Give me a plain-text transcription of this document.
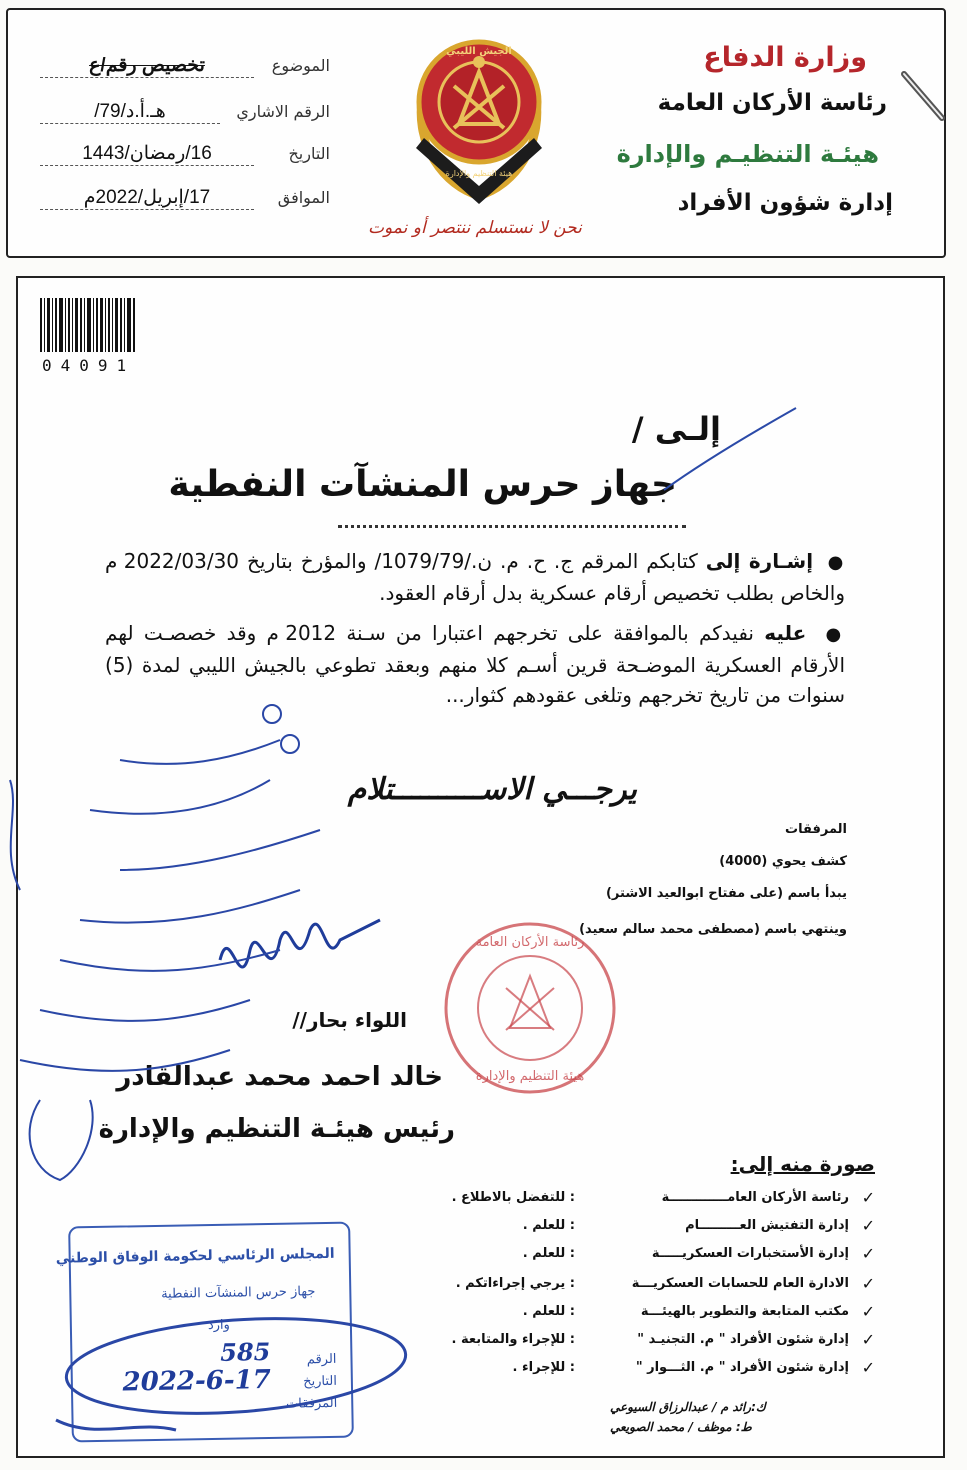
وزارة الدفاع
رئاسة الأركان العامة
هيئـة التنظيـم والإدارة
إدارة شؤون الأفراد
الجيش الليبي
هيئة التنظيم والإدارة
نحن لا نستسلم ننتصر أو نموت
الموضوع
تخصيص رقم/ع
الرقم الاشاري
هـ.أ.د/79/
التاريخ
16/رمضان/1443
الموافق
17/إبريل/2022م
04091
إلـى /
جهاز حرس المنشآت النفطية
●  إشـارة إلى كتابكم المرقم ج. ح. م. ن./1079/79/ والمؤرخ بتاريخ 2022/03/30 م والخاص بطلب تخصيص أرقام عسكرية بدل أرقام العقود.
●  عليه نفيدكم بالموافقة على تخرجهم اعتبارا من سـنة 2012 م وقد خصصـت لهم الأرقام العسكرية الموضـحة قرين أسـم كلا منهم وبعقد تطوعي بالجيش الليبي لمدة (5) سنوات من تاريخ تخرجهم وتلغى عقودهم كثوار...
يرجـــي الاســــــــــتلام
المرفقات
كشف يحوي (4000)
يبدأ باسم (على مفتاح ابوالعيد الاشتر)
وينتهي باسم (مصطفى محمد سالم سعيد)
رئاسة الأركان العامة
هيئة التنظيم والإدارة
اللواء بحار//
خالد احمد محمد عبدالقادر
رئيس هيئـة التنظيم والإدارة
صورة منه إلى:
✓
رئاسة الأركان العامـــــــــــــة
: للتفضل بالاطلاع .
✓
إدارة التفتيش العـــــــــام
: للعلم .
✓
إدارة الأستخبارات العسكريـــــة
: للعلم .
✓
الادارة العام للحسابات العسكريـــة
: يرجي إجراءاتكم .
✓
مكتب المتابعة والتطوير بالهيئـــة
: للعلم .
✓
إدارة شئون الأفراد " م. التجنيـد "
: للإجراء والمتابعة .
✓
إدارة شئون الأفراد " م. الثـــوار "
: للإجراء .
ك:رائد م / عبدالرزاق السيوعي
ط: موظف / محمد الصويعي
المجلس الرئاسي لحكومة الوفاق الوطني
جهاز حرس المنشآت النفطية
وارد
الرقم
585
التاريخ
2022-6-17
المرفقات
